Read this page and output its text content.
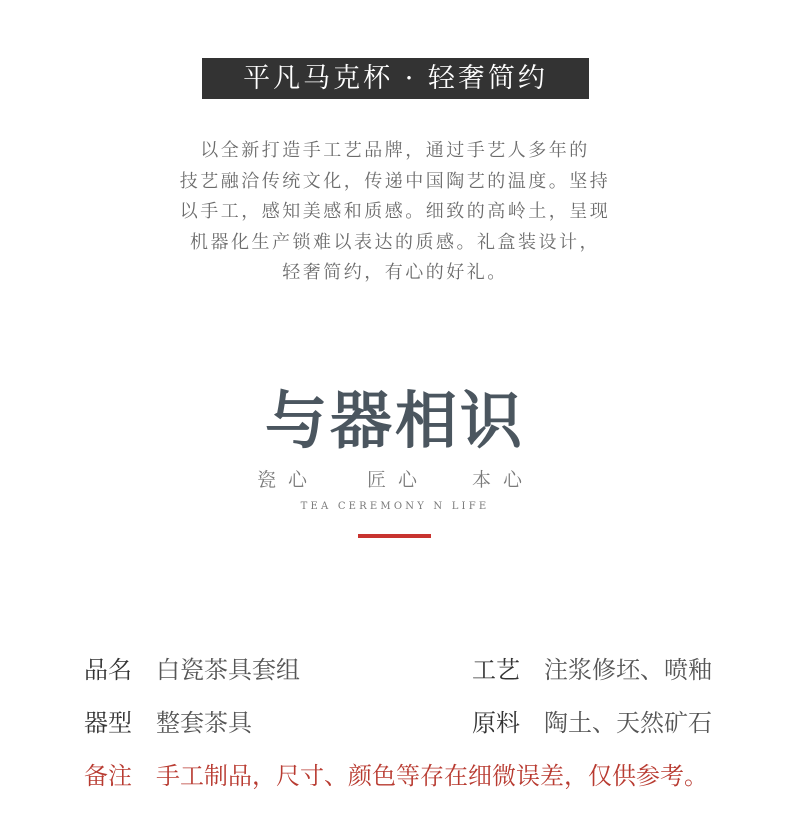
平凡马克杯 · 轻奢简约
以全新打造手工艺品牌，通过手艺人多年的
技艺融洽传统文化，传递中国陶艺的温度。坚持
以手工，感知美感和质感。细致的高岭土，呈现
机器化生产锁难以表达的质感。礼盒装设计，
轻奢简约，有心的好礼。
与器相识
瓷心	匠心 本心
TEA CEREMONY N LIFE
品名 白瓷茶具套组	工艺 注浆修坯、喷釉
器型 整套茶具	原料 陶土、天然矿石
备注 手工制品，尺寸、颜色等存在细微误差，仅供参考。
